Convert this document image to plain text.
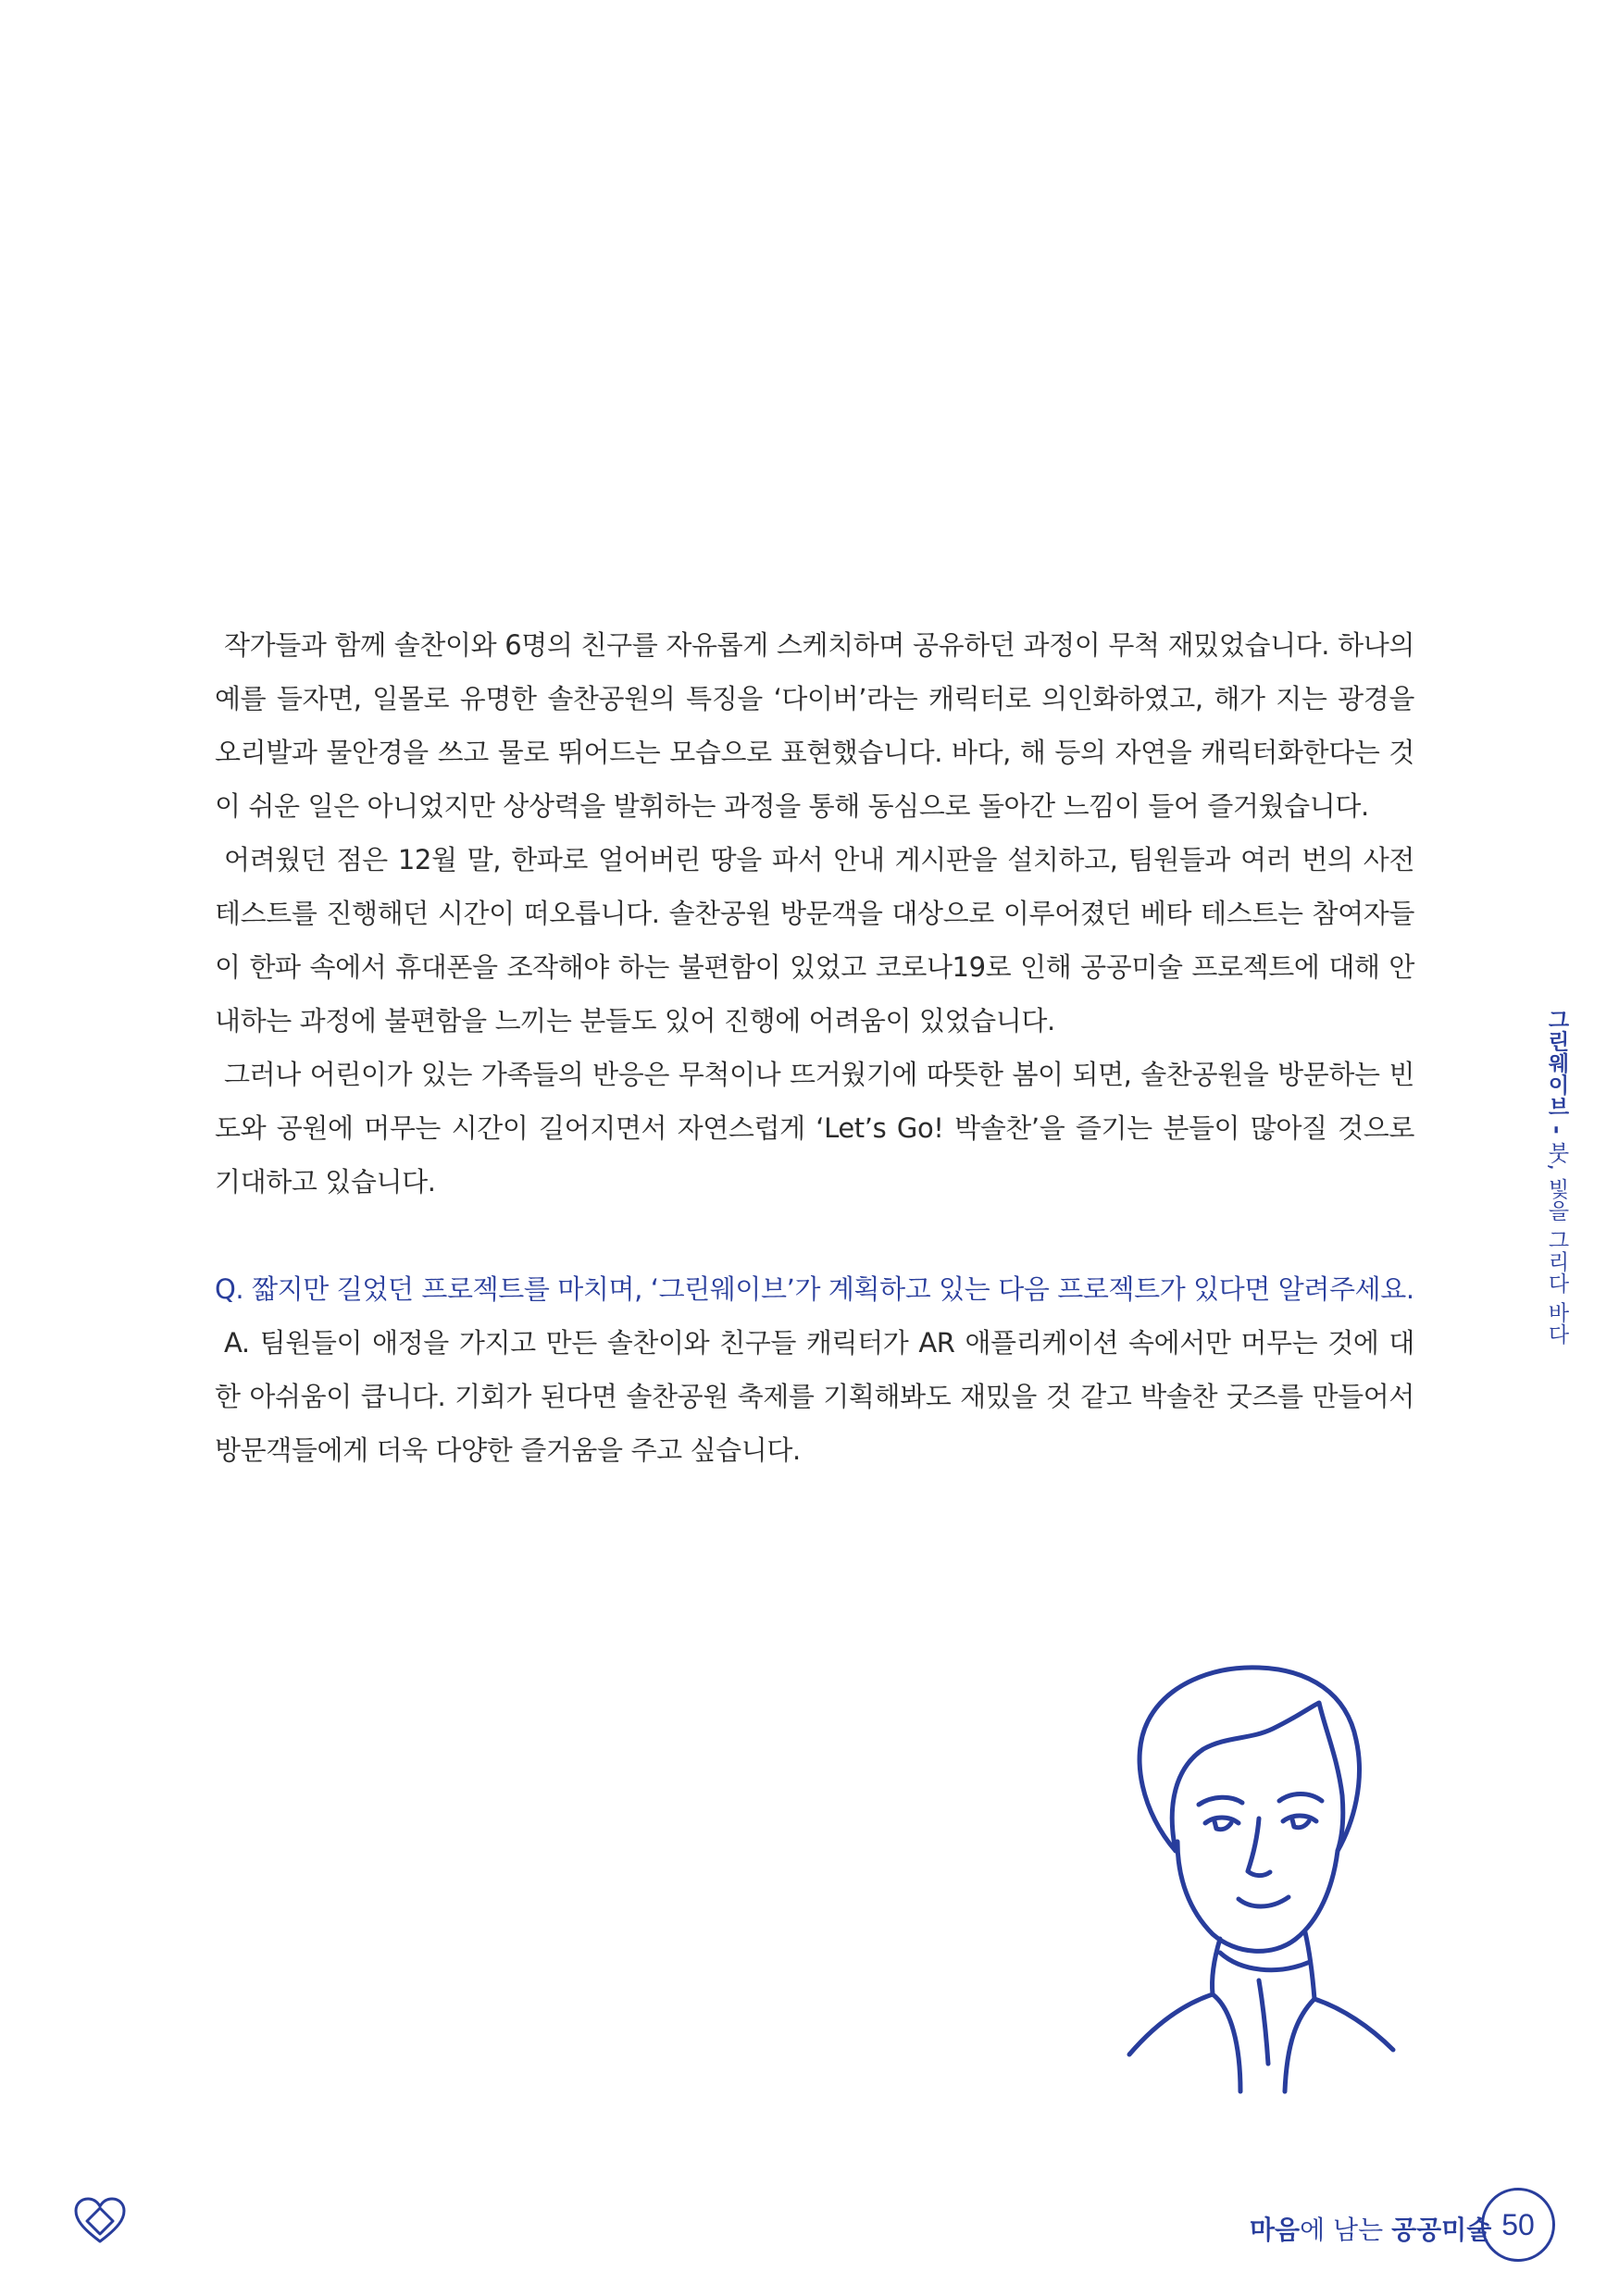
작가들과 함께 솔찬이와 6명의 친구를 자유롭게 스케치하며 공유하던 과정이 무척 재밌었습니다. 하나의 예를 들자면, 일몰로 유명한 솔찬공원의 특징을 ‘다이버’라는 캐릭터로 의인화하였고, 해가 지는 광경을 오리발과 물안경을 쓰고 물로 뛰어드는 모습으로 표현했습니다. 바다, 해 등의 자연을 캐릭터화한다는 것이 쉬운 일은 아니었지만 상상력을 발휘하는 과정을 통해 동심으로 돌아간 느낌이 들어 즐거웠습니다.

어려웠던 점은 12월 말, 한파로 얼어버린 땅을 파서 안내 게시판을 설치하고, 팀원들과 여러 번의 사전 테스트를 진행해던 시간이 떠오릅니다. 솔찬공원 방문객을 대상으로 이루어졌던 베타 테스트는 참여자들이 한파 속에서 휴대폰을 조작해야 하는 불편함이 있었고 코로나19로 인해 공공미술 프로젝트에 대해 안내하는 과정에 불편함을 느끼는 분들도 있어 진행에 어려움이 있었습니다.

그러나 어린이가 있는 가족들의 반응은 무척이나 뜨거웠기에 따뜻한 봄이 되면, 솔찬공원을 방문하는 빈도와 공원에 머무는 시간이 길어지면서 자연스럽게 ‘Let’s Go! 박솔찬’을 즐기는 분들이 많아질 것으로 기대하고 있습니다.

Q. 짧지만 길었던 프로젝트를 마치며, ‘그린웨이브’가 계획하고 있는 다음 프로젝트가 있다면 알려주세요.

A. 팀원들이 애정을 가지고 만든 솔찬이와 친구들 캐릭터가 AR 애플리케이션 속에서만 머무는 것에 대한 아쉬움이 큽니다. 기회가 된다면 솔찬공원 축제를 기획해봐도 재밌을 것 같고 박솔찬 굿즈를 만들어서 방문객들에게 더욱 다양한 즐거움을 주고 싶습니다.

그린웨이브 - 붓, 빛을 그리다 바다
마음에 남는 공공미술 50
